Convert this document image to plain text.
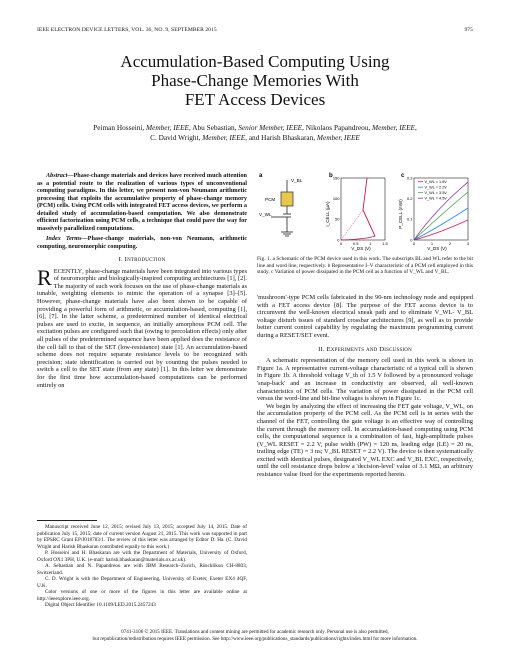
IEEE ELECTRON DEVICE LETTERS, VOL. 36, NO. 9, SEPTEMBER 2015	975
Accumulation-Based Computing Using
Phase-Change Memories With
FET Access Devices
Peiman Hosseini, Member, IEEE, Abu Sebastian, Senior Member, IEEE, Nikolaos Papandreou, Member, IEEE,
C. David Wright, Member, IEEE, and Harish Bhaskaran, Member, IEEE

Abstract—Phase-change materials and devices have received much attention as a potential route to the realization of various types of unconventional computing paradigms. In this letter, we present non-von Neumann arithmetic processing that exploits the accumulative property of phase-change memory (PCM) cells. Using PCM cells with integrated FET access devices, we perform a detailed study of accumulation-based computation. We also demonstrate efficient factorization using PCM cells, a technique that could pave the way for massively parallelized computations.

Index Terms—Phase-change materials, non-von Neumann, arithmetic computing, neuromorphic computing.

I. Introduction

RECENTLY, phase-change materials have been integrated into various types of neuromorphic and biologically-inspired computing architectures [1], [2]. The majority of such work focuses on the use of phase-change materials as tunable, weighting elements to mimic the operation of a synapse [3]–[5]. However, phase-change materials have also been shown to be capable of providing a powerful form of arithmetic, or accumulation-based, computing [1], [6], [7]. In the latter scheme, a predetermined number of identical electrical pulses are used to excite, in sequence, an initially amorphous PCM cell. The excitation pulses are configured such that (owing to percolation effects) only after all pulses of the predetermined sequence have been applied does the resistance of the cell fall to that of the SET (low-resistance) state [1]. An accumulation-based scheme does not require separate resistance levels to be recognized with precision; state identification is carried out by counting the pulses needed to switch a cell to the SET state (from any state) [1]. In this letter we demonstrate for the first time how accumulation-based computations can be performed entirely on

Manuscript received June 12, 2015; revised July 13, 2015; accepted July 14, 2015. Date of publication July 15, 2015; date of current version August 21, 2015. This work was supported in part by EPSRC Grant EP/J018783/1. The review of this letter was arranged by Editor D. Ha. (C. David Wright and Harish Bhaskaran contributed equally to this work.)

P. Hosseini and H. Bhaskaran are with the Department of Materials, University of Oxford, Oxford OX1 3PH, U.K. (e-mail: harish.bhaskaran@materials.ox.ac.uk).

A. Sebastian and N. Papandreou are with IBM Research–Zurich, Rüschlikon CH-8803, Switzerland.

C. D. Wright is with the Department of Engineering, University of Exeter, Exeter EX4 4QF, U.K.

Color versions of one or more of the figures in this letter are available online at http://ieeexplore.ieee.org.

Digital Object Identifier 10.1109/LED.2015.2457243

a
V_BL
V_WL
PCM
b
0	0.5	1	1.5
0
50
100
150
V_DS (V)
I_CELL (µA)
c
0	1	2	3
0
0.1
0.2
0.3
V_DS (V)
P_CELL (mW)
V_WL = 1.8V
V_WL = 2.2V
V_WL = 3.5V
V_WL = 4.5V
Fig. 1. a Schematic of the PCM device used in this work. The subscripts BL and WL refer to the bit line and word line, respectively. b Representative I–V characteristic of a PCM cell employed in this study. c Variation of power dissipated in the PCM cell as a function of V_WL and V_BL.

'mushroom'-type PCM cells fabricated in the 90-nm technology node and equipped with a FET access device [8]. The purpose of the FET access device is to circumvent the well-known electrical sneak path and to eliminate V_WL- V_BL voltage disturb issues of standard crossbar architectures [9], as well as to provide better current control capability by regulating the maximum programming current during a RESET/SET event.

II. Experiments and Discussion

A schematic representation of the memory cell used in this work is shown in Figure 1a. A representative current-voltage characteristic of a typical cell is shown in Figure 1b. A threshold voltage V_th of 1.5 V followed by a pronounced voltage 'snap-back' and an increase in conductivity are observed, all well-known characteristics of PCM cells. The variation of power dissipated in the PCM cell versus the word-line and bit-line voltages is shown in Figure 1c.

We begin by analyzing the effect of increasing the FET gate voltage, V_WL, on the accumulation property of the PCM cell. As the PCM cell is in series with the channel of the FET, controlling the gate voltage is an effective way of controlling the current through the memory cell. In accumulation-based computing using PCM cells, the computational sequence is a combination of fast, high-amplitude pulses (V_WL RESET = 2.2 V, pulse width (PW) = 120 ns, leading edge (LE) = 20 ns, trailing edge (TE) = 3 ns; V_BL RESET = 2.2 V). The device is then systematically excited with identical pulses, designated V_WL EXC and V_BL EXC, respectively, until the cell resistance drops below a 'decision-level' value of 3.1 MΩ, an arbitrary resistance value fixed for the experiments reported herein.

0741-3106 © 2015 IEEE. Translations and content mining are permitted for academic research only. Personal use is also permitted,
but republication/redistribution requires IEEE permission. See http://www.ieee.org/publications_standards/publications/rights/index.html for more information.
